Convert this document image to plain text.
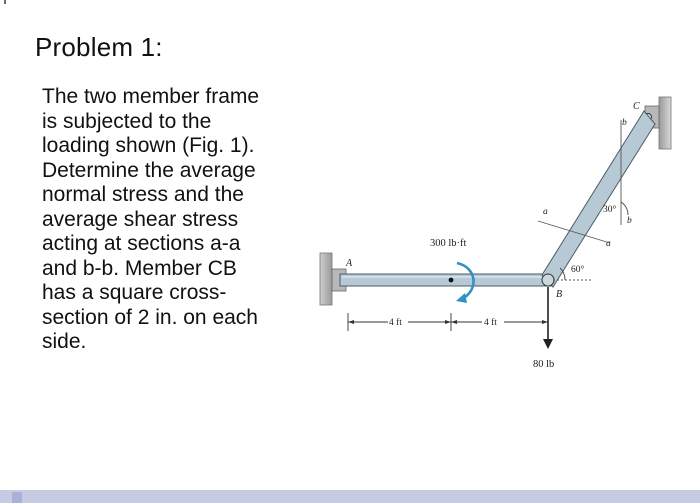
Problem 1:
The two member frame
is subjected to the
loading shown (Fig. 1).
Determine the average
normal stress and the
average shear stress
acting at sections a-a
and b-b. Member CB
has a square cross-
section of 2 in. on each
side.
A
B
C
300 lb·ft
80 lb
4 ft	4 ft
60°
30°
a
a
b
b
